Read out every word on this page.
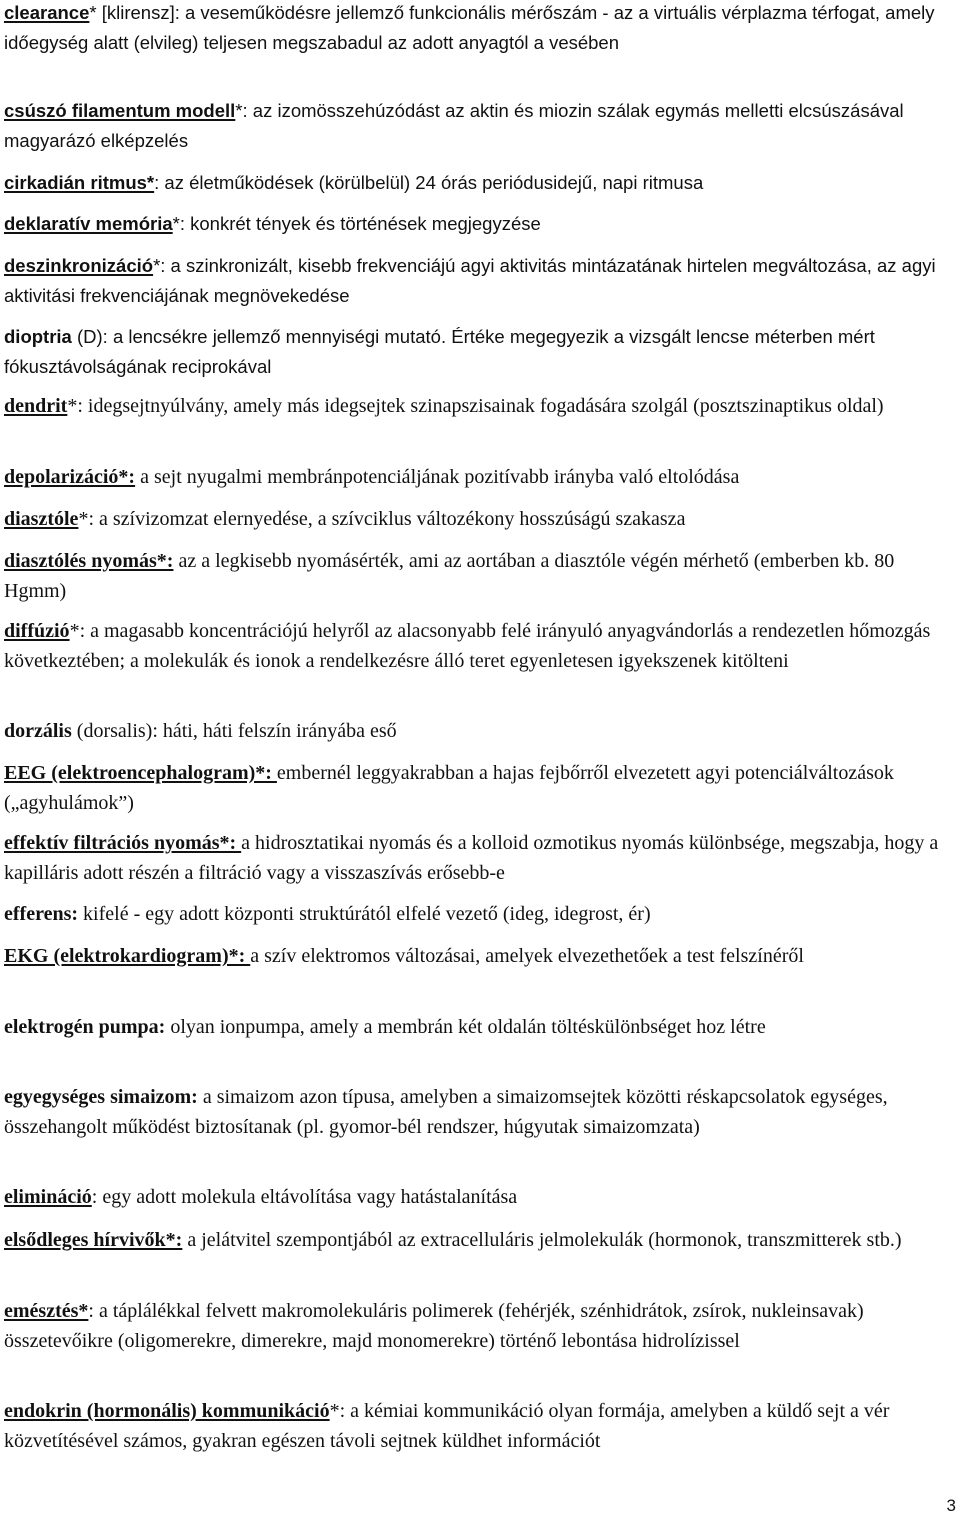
clearance* [klirensz]: a veseműködésre jellemző funkcionális mérőszám - az a virtuális vérplazma térfogat, amely időegység alatt (elvileg) teljesen megszabadul az adott anyagtól a vesében

csúszó filamentum modell*: az izomösszehúzódást az aktin és miozin szálak egymás melletti elcsúszásával magyarázó elképzelés

cirkadián ritmus*: az életműködések (körülbelül) 24 órás periódusidejű, napi ritmusa

deklaratív memória*: konkrét tények és történések megjegyzése

deszinkronizáció*: a szinkronizált, kisebb frekvenciájú agyi aktivitás mintázatának hirtelen megváltozása, az agyi aktivitási frekvenciájának megnövekedése

dioptria (D): a lencsékre jellemző mennyiségi mutató. Értéke megegyezik a vizsgált lencse méterben mért fókusztávolságának reciprokával

dendrit*: idegsejtnyúlvány, amely más idegsejtek szinapszisainak fogadására szolgál (posztszinaptikus oldal)

depolarizáció*: a sejt nyugalmi membránpotenciáljának pozitívabb irányba való eltolódása

diasztóle*: a szívizomzat elernyedése, a szívciklus változékony hosszúságú szakasza

diasztólés nyomás*: az a legkisebb nyomásérték, ami az aortában a diasztóle végén mérhető (emberben kb. 80 Hgmm)

diffúzió*: a magasabb koncentrációjú helyről az alacsonyabb felé irányuló anyagvándorlás a rendezetlen hőmozgás következtében; a molekulák és ionok a rendelkezésre álló teret egyenletesen igyekszenek kitölteni

dorzális (dorsalis): háti, háti felszín irányába eső

EEG (elektroencephalogram)*: embernél leggyakrabban a hajas fejbőrről elvezetett agyi potenciálváltozások („agyhulámok”)

effektív filtrációs nyomás*: a hidrosztatikai nyomás és a kolloid ozmotikus nyomás különbsége, megszabja, hogy a kapilláris adott részén a filtráció vagy a visszaszívás erősebb-e

efferens: kifelé - egy adott központi struktúrától elfelé vezető (ideg, idegrost, ér)

EKG (elektrokardiogram)*: a szív elektromos változásai, amelyek elvezethetőek a test felszínéről

elektrogén pumpa: olyan ionpumpa, amely a membrán két oldalán töltéskülönbséget hoz létre

egyegységes simaizom: a simaizom azon típusa, amelyben a simaizomsejtek közötti réskapcsolatok egységes, összehangolt működést biztosítanak (pl. gyomor-bél rendszer, húgyutak simaizomzata)

elimináció: egy adott molekula eltávolítása vagy hatástalanítása

elsődleges hírvivők*: a jelátvitel szempontjából az extracelluláris jelmolekulák (hormonok, transzmitterek stb.)

emésztés*: a táplálékkal felvett makromolekuláris polimerek (fehérjék, szénhidrátok, zsírok, nukleinsavak) összetevőikre (oligomerekre, dimerekre, majd monomerekre) történő lebontása hidrolízissel

endokrin (hormonális) kommunikáció*: a kémiai kommunikáció olyan formája, amelyben a küldő sejt a vér közvetítésével számos, gyakran egészen távoli sejtnek küldhet információt

3
